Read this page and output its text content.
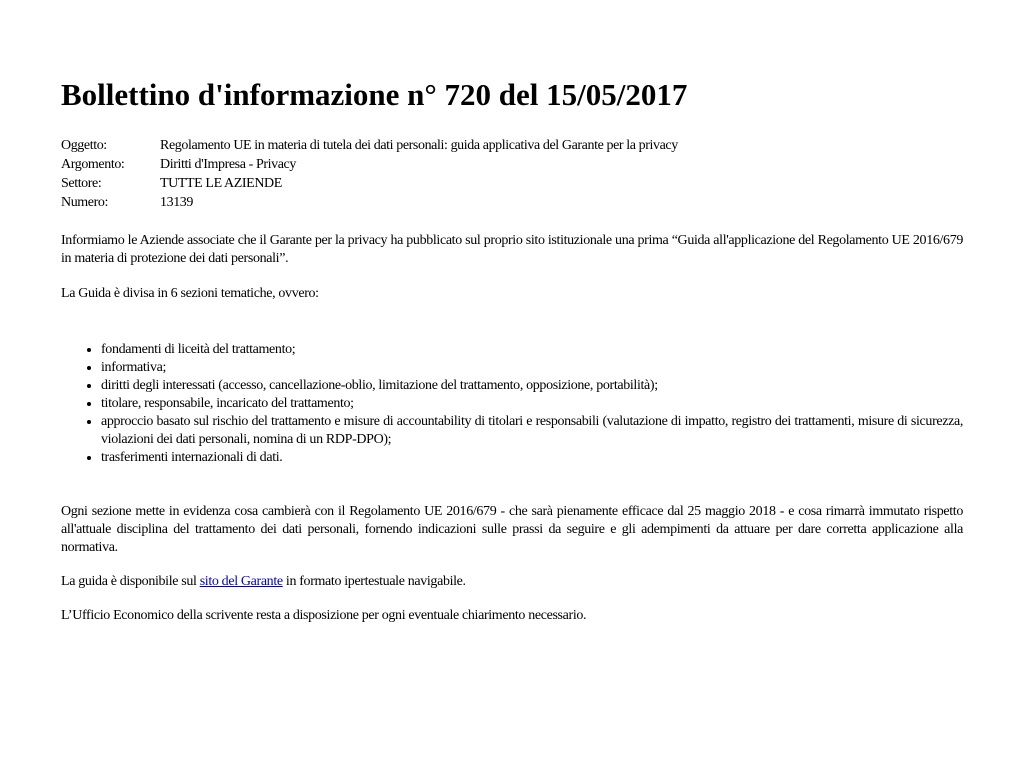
Bollettino d'informazione n° 720 del 15/05/2017
Oggetto:	Regolamento UE in materia di tutela dei dati personali: guida applicativa del Garante per la privacy
Argomento:	Diritti d'Impresa - Privacy
Settore:	TUTTE LE AZIENDE
Numero:	13139

Informiamo le Aziende associate che il Garante per la privacy ha pubblicato sul proprio sito istituzionale una prima “Guida all'applicazione del Regolamento UE 2016/679 in materia di protezione dei dati personali”.

La Guida è divisa in 6 sezioni tematiche, ovvero:

• fondamenti di liceità del trattamento;
• informativa;
• diritti degli interessati (accesso, cancellazione-oblio, limitazione del trattamento, opposizione, portabilità);
• titolare, responsabile, incaricato del trattamento;
• approccio basato sul rischio del trattamento e misure di accountability di titolari e responsabili (valutazione di impatto, registro dei trattamenti, misure di sicurezza, violazioni dei dati personali, nomina di un RDP-DPO);
• trasferimenti internazionali di dati.

Ogni sezione mette in evidenza cosa cambierà con il Regolamento UE 2016/679 - che sarà pienamente efficace dal 25 maggio 2018 - e cosa rimarrà immutato rispetto all'attuale disciplina del trattamento dei dati personali, fornendo indicazioni sulle prassi da seguire e gli adempimenti da attuare per dare corretta applicazione alla normativa.

La guida è disponibile sul sito del Garante in formato ipertestuale navigabile.

L’Ufficio Economico della scrivente resta a disposizione per ogni eventuale chiarimento necessario.
